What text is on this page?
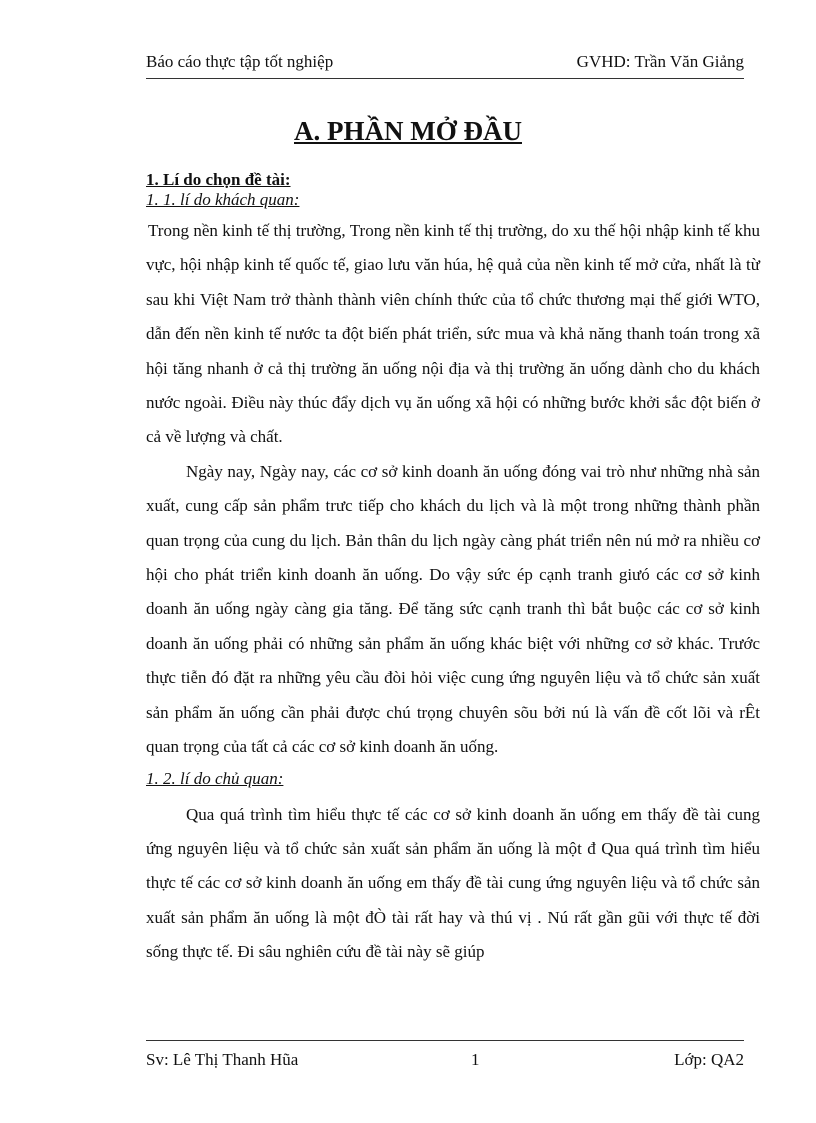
Báo cáo thực tập tốt nghiệp	GVHD: Trần Văn Giảng
A. PHẦN MỞ ĐẦU

1. Lí do chọn đề tài:

1. 1. lí do khách quan:

Trong nền kinh tế thị trường, Trong nền kinh tế thị trường, do xu thế hội nhập kinh tế khu vực, hội nhập kinh tế quốc tế, giao lưu văn húa, hệ quả của nền kinh tế mở cửa, nhất là từ sau khi Việt Nam trở thành thành viên chính thức của tổ chức thương mại thế giới WTO, dẫn đến nền kinh tế nước ta đột biến phát triển, sức mua và khả năng thanh toán trong xã hội tăng nhanh ở cả thị trường ăn uống nội địa và thị trường ăn uống dành cho du khách nước ngoài. Điều này thúc đẩy dịch vụ ăn uống xã hội có những bước khởi sắc đột biến ở cả về lượng và chất.

Ngày nay, Ngày nay, các cơ sở kinh doanh ăn uống đóng vai trò như những nhà sản xuất, cung cấp sản phẩm trưc tiếp cho khách du lịch và là một trong những thành phần quan trọng của cung du lịch. Bản thân du lịch ngày càng phát triển nên nú mở ra nhiều cơ hội cho phát triển kinh doanh ăn uống. Do vậy sức ép cạnh tranh giưó các cơ sở kinh doanh ăn uống ngày càng gia tăng. Để tăng sức cạnh tranh thì bắt buộc các cơ sở kinh doanh ăn uống phải có những sản phẩm ăn uống khác biệt với những cơ sở khác. Trước thực tiễn đó đặt ra những yêu cầu đòi hỏi việc cung ứng nguyên liệu và tổ chức sản xuất sản phẩm ăn uống cần phải được chú trọng chuyên sõu bởi nú là vấn đề cốt lõi và rÊt quan trọng của tất cả các cơ sở kinh doanh ăn uống.

1. 2. lí do chủ quan:

Qua quá trình tìm hiểu thực tế các cơ sở kinh doanh ăn uống em thấy đề tài cung ứng nguyên liệu và tổ chức sản xuất sản phẩm ăn uống là một đ Qua quá trình tìm hiểu thực tế các cơ sở kinh doanh ăn uống em thấy đề tài cung ứng nguyên liệu và tổ chức sản xuất sản phẩm ăn uống là một đÒ tài rất hay và thú vị . Nú rất gần gũi với thực tế đời sống thực tế. Đi sâu nghiên cứu đề tài này sẽ giúp

Sv: Lê Thị Thanh Hũa	1	Lớp: QA2
